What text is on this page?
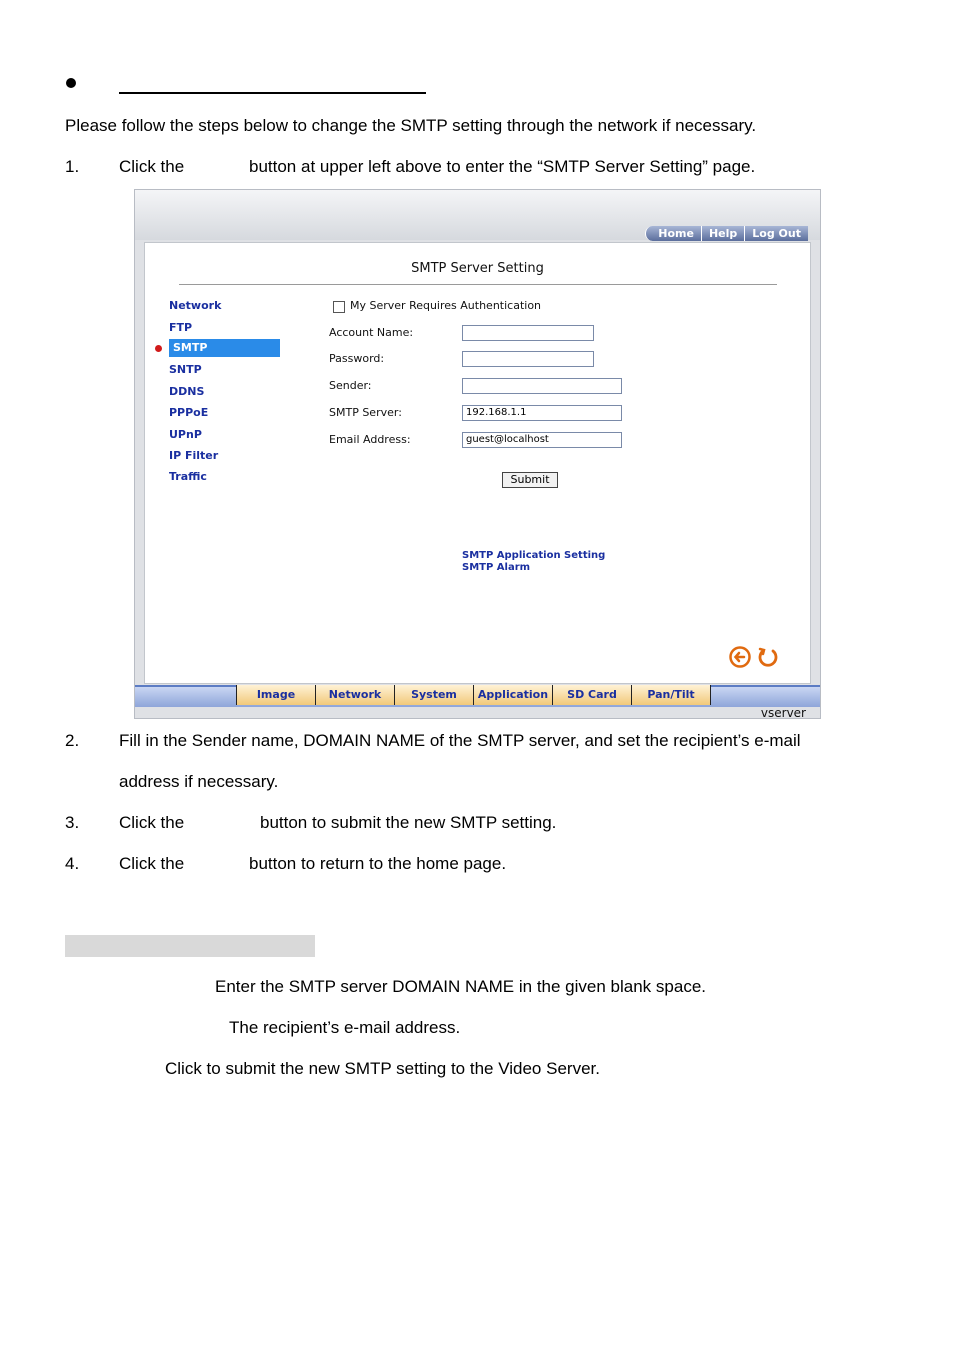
Please follow the steps below to change the SMTP setting through the network if necessary.
1. Click the	button at upper left above to enter the “SMTP Server Setting” page.
Home	Help	Log Out
SMTP Server Setting
Network
FTP
SMTP
SNTP
DDNS
PPPoE
UPnP
IP Filter
Traffic
My Server Requires Authentication
Account Name:
Password:
Sender:
SMTP Server:	192.168.1.1
Email Address:	guest@localhost
Submit
SMTP Application Setting
SMTP Alarm
Image	Network	System	Application	SD Card	Pan/Tilt
vserver
2. Fill in the Sender name, DOMAIN NAME of the SMTP server, and set the recipient’s e-mail
address if necessary.
3. Click the	button to submit the new SMTP setting.
4. Click the	button to return to the home page.
Enter the SMTP server DOMAIN NAME in the given blank space.
The recipient’s e-mail address.
Click to submit the new SMTP setting to the Video Server.
